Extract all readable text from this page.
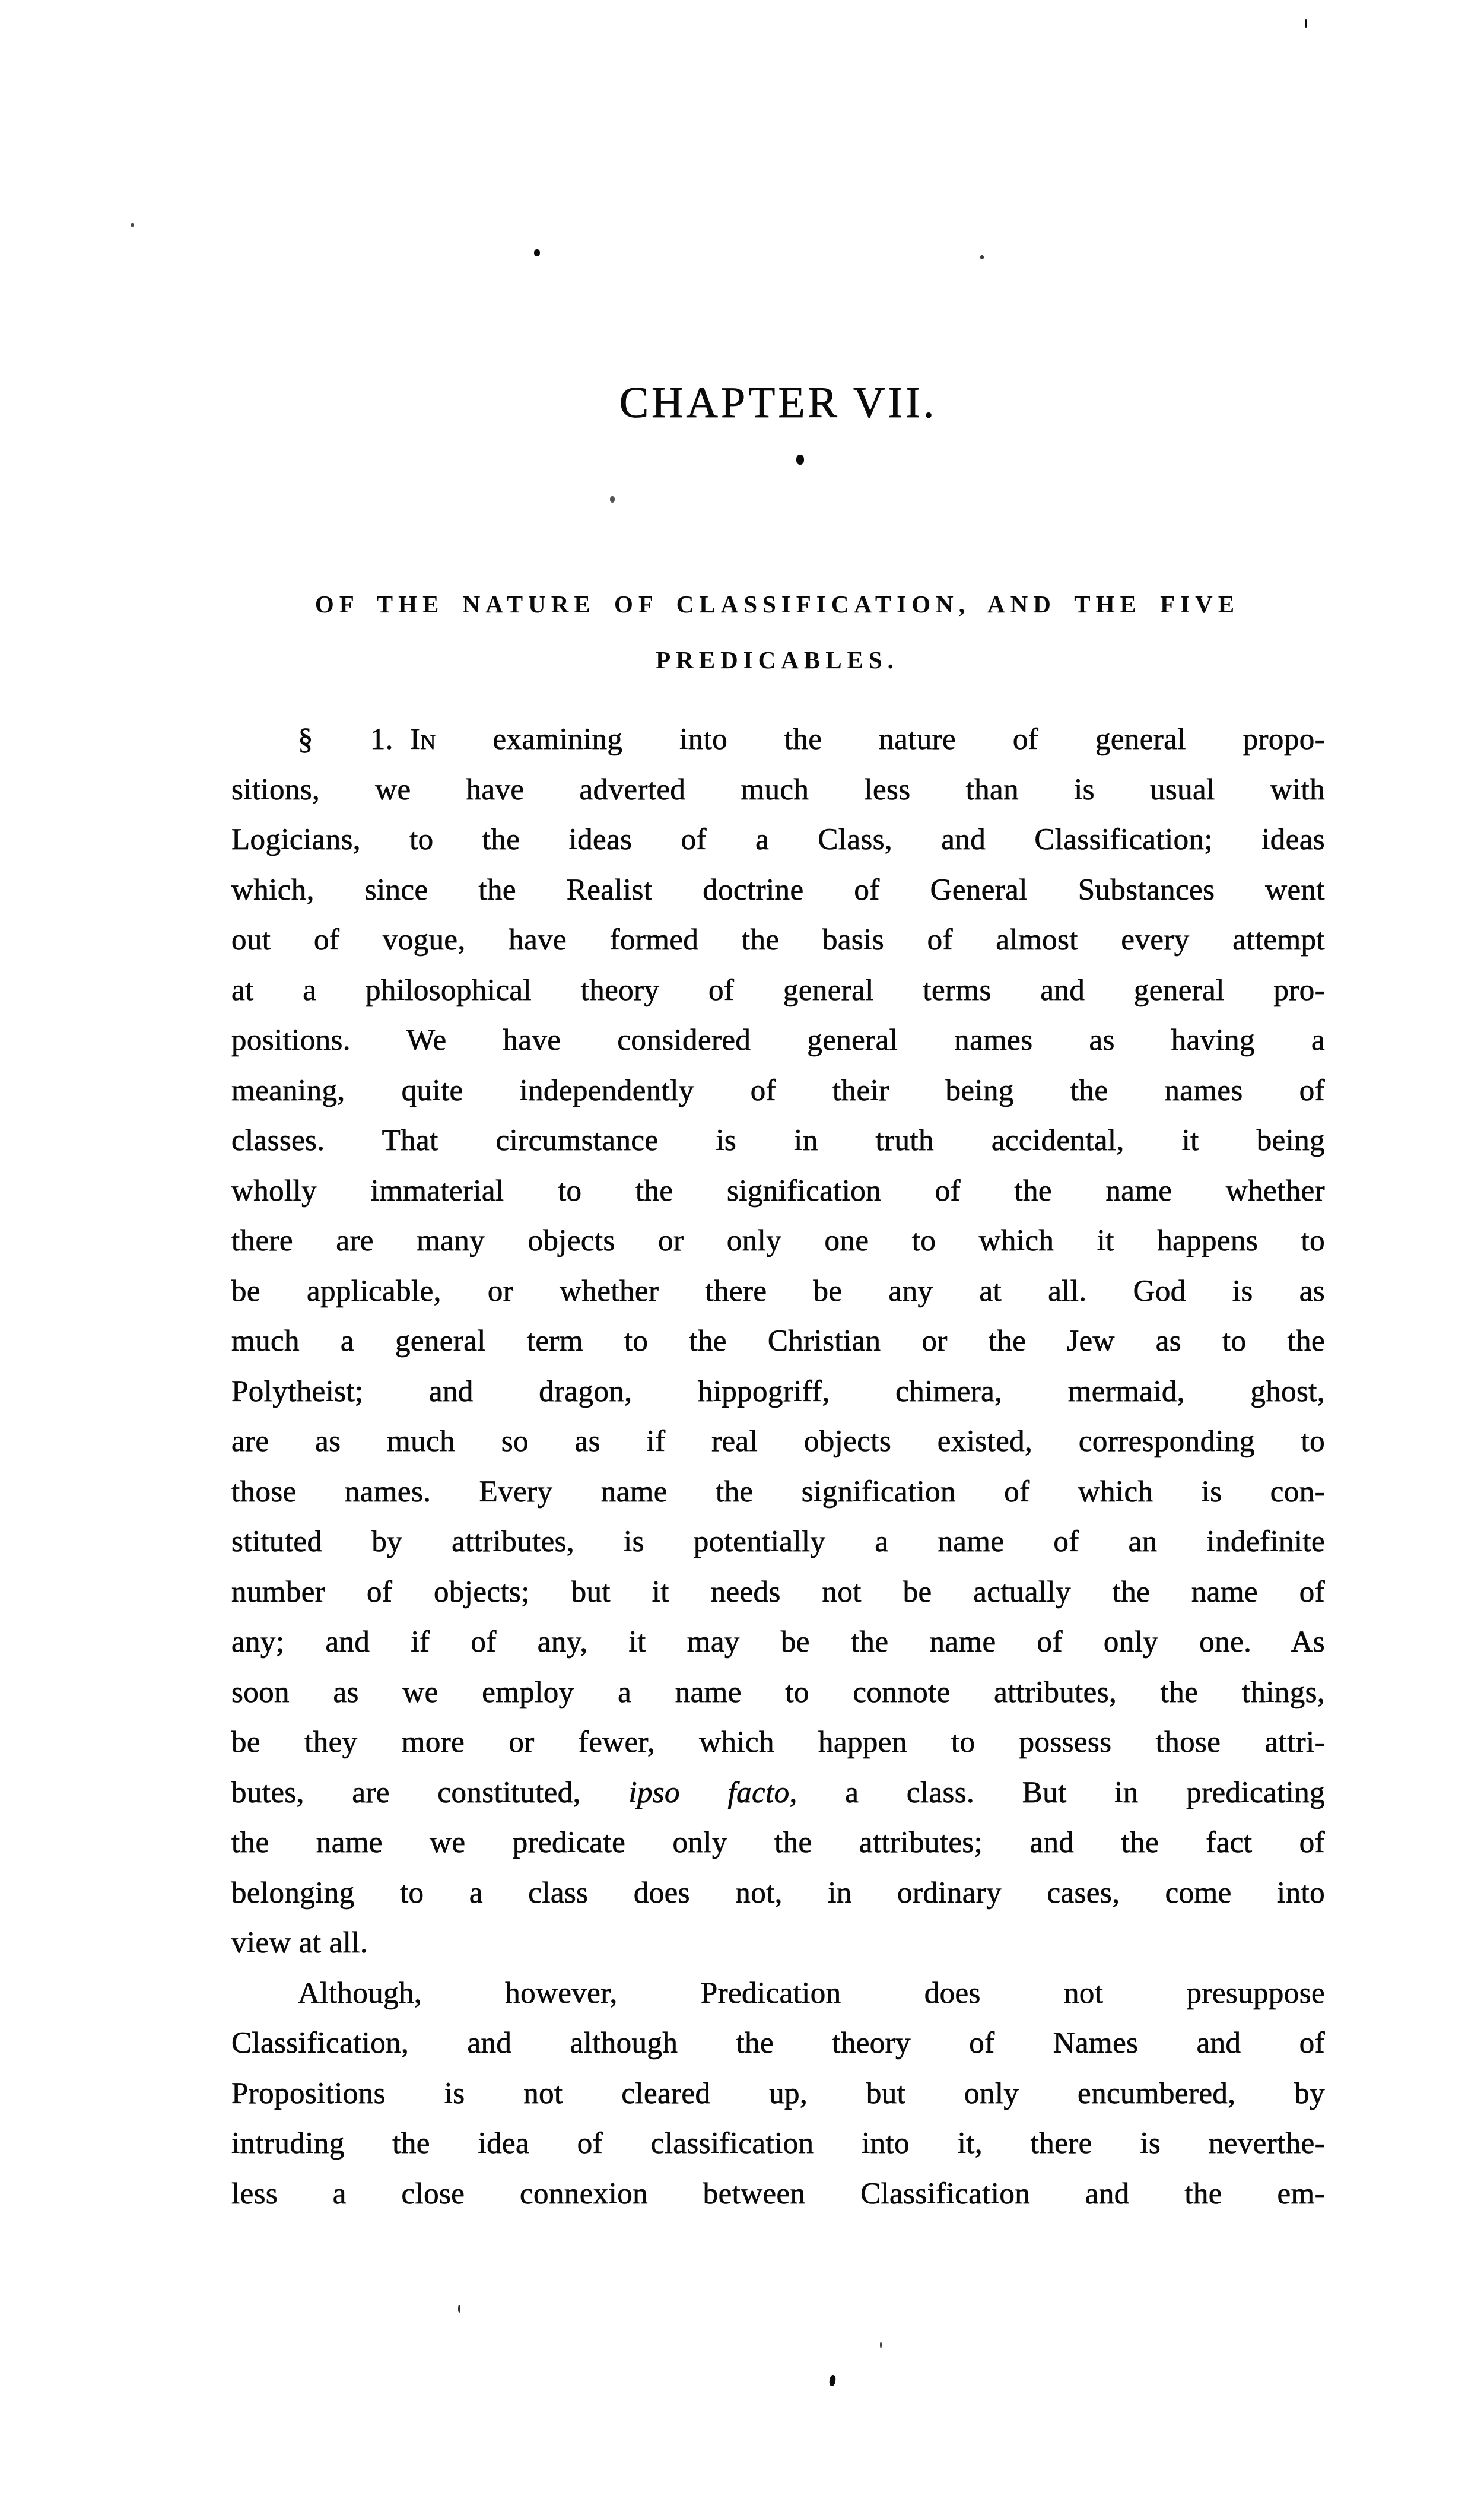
CHAPTER VII.
OF THE NATURE OF CLASSIFICATION, AND THE FIVE
PREDICABLES.
§ 1. In examining into the nature of general propo-
sitions, we have adverted much less than is usual with
Logicians, to the ideas of a Class, and Classification; ideas
which, since the Realist doctrine of General Substances went
out of vogue, have formed the basis of almost every attempt
at a philosophical theory of general terms and general pro-
positions. We have considered general names as having a
meaning, quite independently of their being the names of
classes. That circumstance is in truth accidental, it being
wholly immaterial to the signification of the name whether
there are many objects or only one to which it happens to
be applicable, or whether there be any at all. God is as
much a general term to the Christian or the Jew as to the
Polytheist; and dragon, hippogriff, chimera, mermaid, ghost,
are as much so as if real objects existed, corresponding to
those names. Every name the signification of which is con-
stituted by attributes, is potentially a name of an indefinite
number of objects; but it needs not be actually the name of
any; and if of any, it may be the name of only one. As
soon as we employ a name to connote attributes, the things,
be they more or fewer, which happen to possess those attri-
butes, are constituted, ipso facto, a class. But in predicating
the name we predicate only the attributes; and the fact of
belonging to a class does not, in ordinary cases, come into
view at all.
Although, however, Predication does not presuppose
Classification, and although the theory of Names and of
Propositions is not cleared up, but only encumbered, by
intruding the idea of classification into it, there is neverthe-
less a close connexion between Classification and the em-
